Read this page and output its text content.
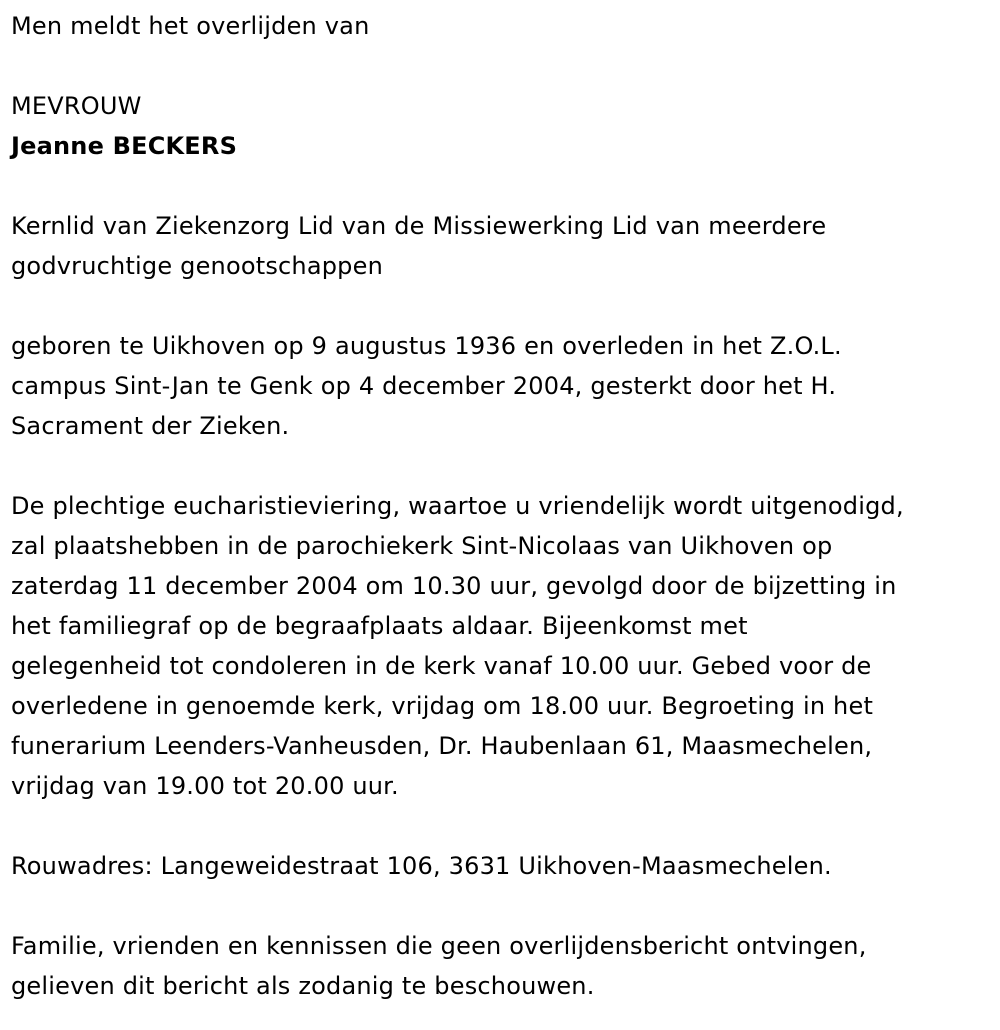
Men meldt het overlijden van

MEVROUW

Jeanne BECKERS

Kernlid van Ziekenzorg Lid van de Missiewerking Lid van meerdere
godvruchtige genootschappen

geboren te Uikhoven op 9 augustus 1936 en overleden in het Z.O.L.
campus Sint-Jan te Genk op 4 december 2004, gesterkt door het H.
Sacrament der Zieken.

De plechtige eucharistieviering, waartoe u vriendelijk wordt uitgenodigd,
zal plaatshebben in de parochiekerk Sint-Nicolaas van Uikhoven op
zaterdag 11 december 2004 om 10.30 uur, gevolgd door de bijzetting in
het familiegraf op de begraafplaats aldaar. Bijeenkomst met
gelegenheid tot condoleren in de kerk vanaf 10.00 uur. Gebed voor de
overledene in genoemde kerk, vrijdag om 18.00 uur. Begroeting in het
funerarium Leenders-Vanheusden, Dr. Haubenlaan 61, Maasmechelen,
vrijdag van 19.00 tot 20.00 uur.

Rouwadres: Langeweidestraat 106, 3631 Uikhoven-Maasmechelen.

Familie, vrienden en kennissen die geen overlijdensbericht ontvingen,
gelieven dit bericht als zodanig te beschouwen.
